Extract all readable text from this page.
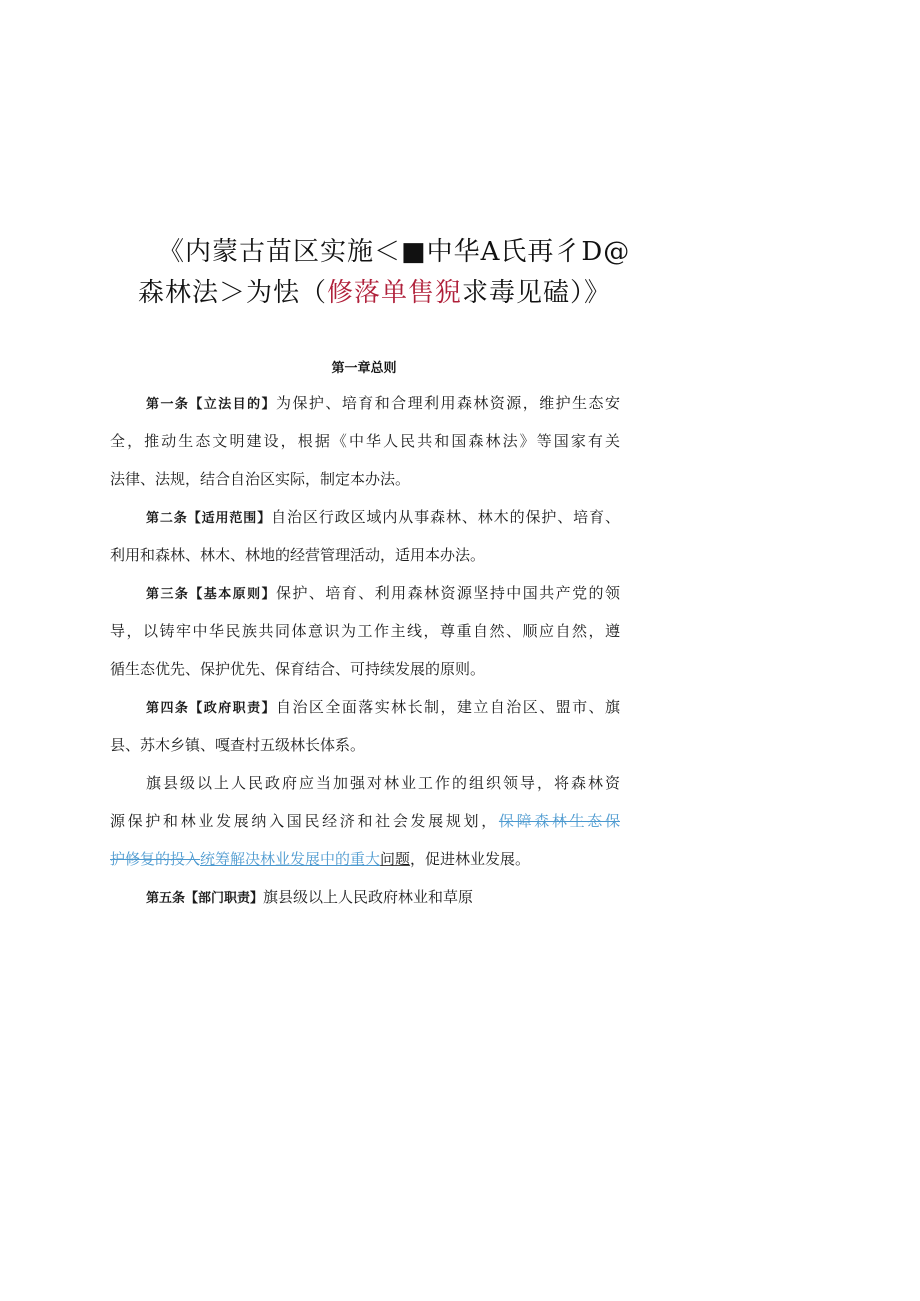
《内蒙古苗区实施＜■中华A氏再彳D@
森林法＞为怯（修落单售猊求毒见磕）》
第一章总则
第一条【立法目的】为保护、培育和合理利用森林资源，维护生态安
全，推动生态文明建设，根据《中华人民共和国森林法》等国家有关
法律、法规，结合自治区实际，制定本办法。
第二条【适用范围】自治区行政区域内从事森林、林木的保护、培育、
利用和森林、林木、林地的经营管理活动，适用本办法。
第三条【基本原则】保护、培育、利用森林资源坚持中国共产党的领
导，以铸牢中华民族共同体意识为工作主线，尊重自然、顺应自然，遵
循生态优先、保护优先、保育结合、可持续发展的原则。
第四条【政府职责】自治区全面落实林长制，建立自治区、盟市、旗
县、苏木乡镇、嘎查村五级林长体系。
旗县级以上人民政府应当加强对林业工作的组织领导，将森林资
源保护和林业发展纳入国民经济和社会发展规划，保障森林生态保
护修复的投入统筹解决林业发展中的重大问题，促进林业发展。
第五条【部门职责】旗县级以上人民政府林业和草原
